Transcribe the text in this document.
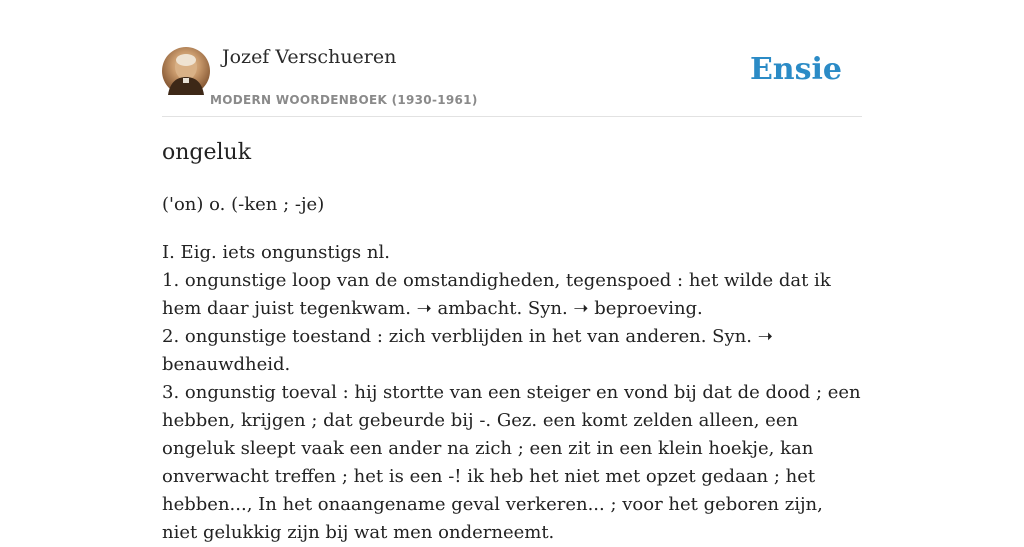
Jozef Verschueren
MODERN WOORDENBOEK (1930-1961)
Ensie
ongeluk

('on) o. (-ken ; -je)

I. Eig. iets ongunstigs nl.

1. ongunstige loop van de omstandigheden, tegenspoed : het wilde dat ik hem daar juist tegenkwam. ➝ ambacht. Syn. ➝ beproeving.

2. ongunstige toestand : zich verblijden in het van anderen. Syn. ➝ benauwdheid.

3. ongunstig toeval : hij stortte van een steiger en vond bij dat de dood ; een hebben, krijgen ; dat gebeurde bij -. Gez. een komt zelden alleen, een ongeluk sleept vaak een ander na zich ; een zit in een klein hoekje, kan onverwacht treffen ; het is een -! ik heb het niet met opzet gedaan ; het hebben..., In het onaangename geval verkeren... ; voor het geboren zijn, niet gelukkig zijn bij wat men onderneemt.
